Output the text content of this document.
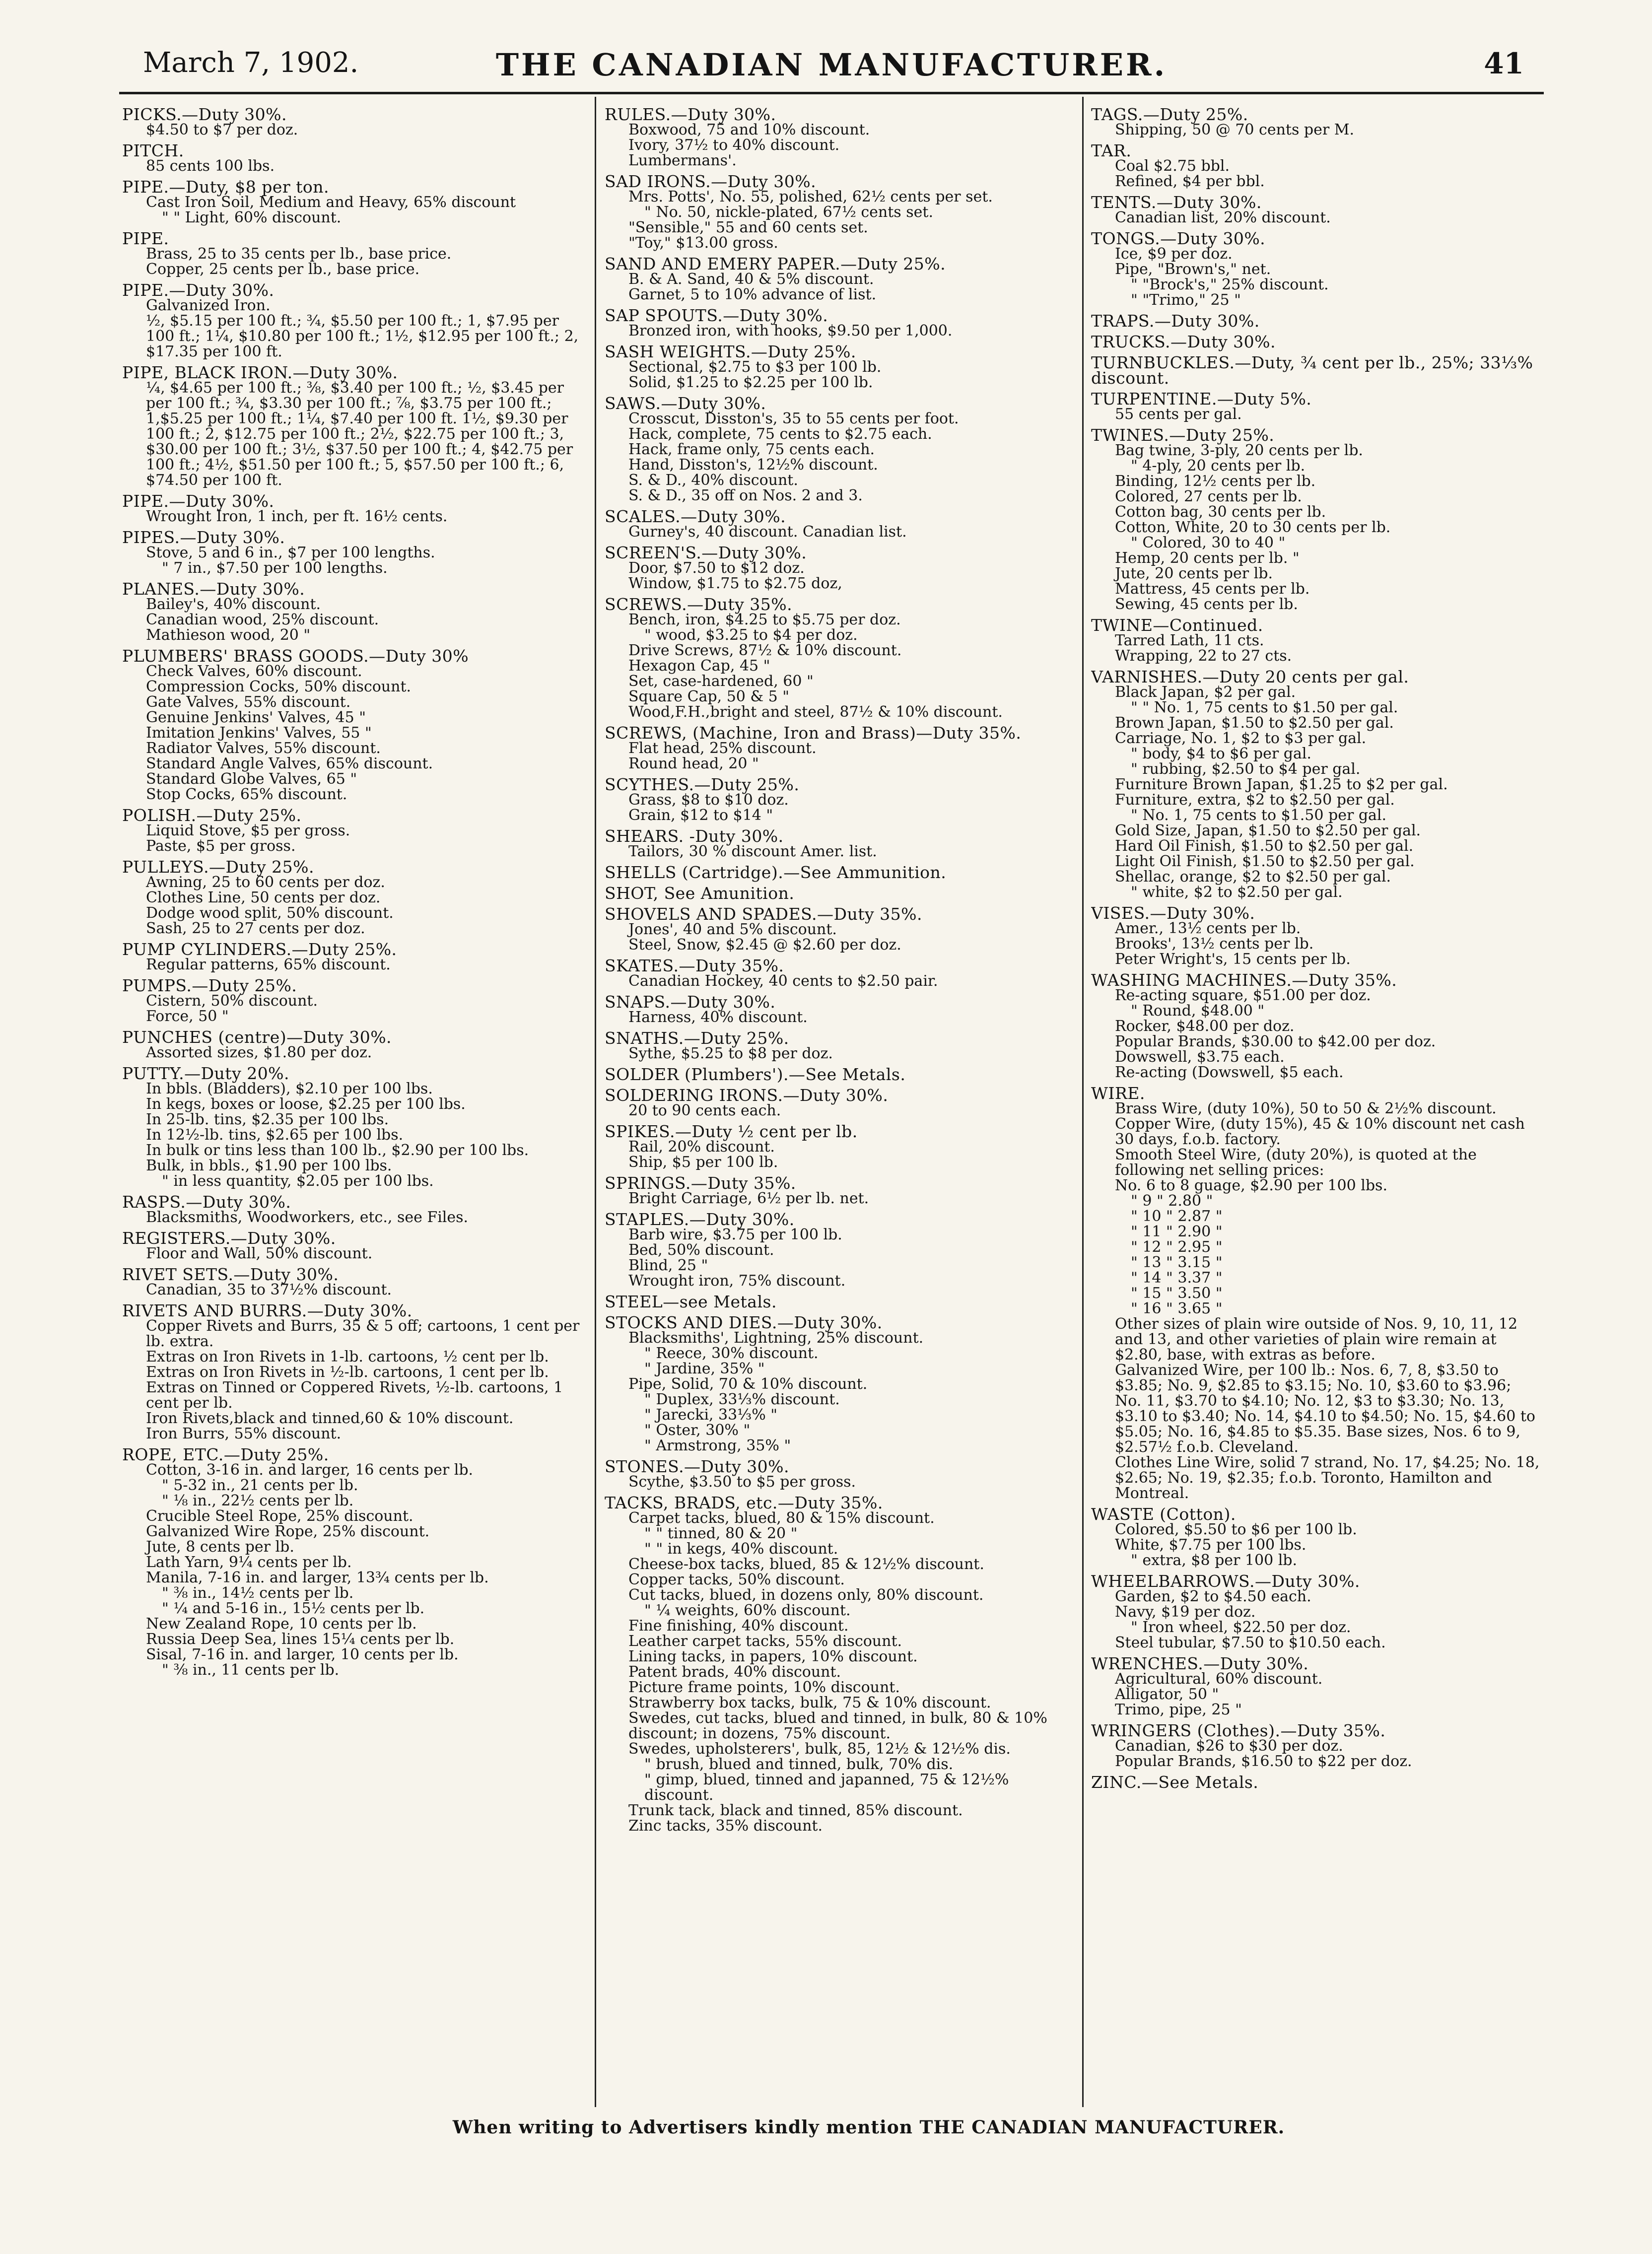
March 7, 1902.	THE CANADIAN MANUFACTURER.	41
PICKS.—Duty 30%.
$4.50 to $7 per doz.
PITCH.
85 cents 100 lbs.
PIPE.—Duty, $8 per ton.
Cast Iron Soil, Medium and Heavy, 65% discount
" " Light, 60% discount.
PIPE.
Brass, 25 to 35 cents per lb., base price.
Copper, 25 cents per lb., base price.
PIPE.—Duty 30%.
Galvanized Iron.
½, $5.15 per 100 ft.; ¾, $5.50 per 100 ft.; 1, $7.95 per 100 ft.; 1¼, $10.80 per 100 ft.; 1½, $12.95 per 100 ft.; 2, $17.35 per 100 ft.
PIPE, BLACK IRON.—Duty 30%.
¼, $4.65 per 100 ft.; ⅜, $3.40 per 100 ft.; ½, $3.45 per per 100 ft.; ¾, $3.30 per 100 ft.; ⅞, $3.75 per 100 ft.; 1,$5.25 per 100 ft.; 1¼, $7.40 per 100 ft. 1½, $9.30 per 100 ft.; 2, $12.75 per 100 ft.; 2½, $22.75 per 100 ft.; 3, $30.00 per 100 ft.; 3½, $37.50 per 100 ft.; 4, $42.75 per 100 ft.; 4½, $51.50 per 100 ft.; 5, $57.50 per 100 ft.; 6, $74.50 per 100 ft.
PIPE.—Duty 30%.
Wrought Iron, 1 inch, per ft. 16½ cents.
PIPES.—Duty 30%.
Stove, 5 and 6 in., $7 per 100 lengths.
" 7 in., $7.50 per 100 lengths.
PLANES.—Duty 30%.
Bailey's, 40% discount.
Canadian wood, 25% discount.
Mathieson wood, 20 "
PLUMBERS' BRASS GOODS.—Duty 30%
Check Valves, 60% discount.
Compression Cocks, 50% discount.
Gate Valves, 55% discount.
Genuine Jenkins' Valves, 45 "
Imitation Jenkins' Valves, 55 "
Radiator Valves, 55% discount.
Standard Angle Valves, 65% discount.
Standard Globe Valves, 65 "
Stop Cocks, 65% discount.
POLISH.—Duty 25%.
Liquid Stove, $5 per gross.
Paste, $5 per gross.
PULLEYS.—Duty 25%.
Awning, 25 to 60 cents per doz.
Clothes Line, 50 cents per doz.
Dodge wood split, 50% discount.
Sash, 25 to 27 cents per doz.
PUMP CYLINDERS.—Duty 25%.
Regular patterns, 65% discount.
PUMPS.—Duty 25%.
Cistern, 50% discount.
Force, 50 "
PUNCHES (centre)—Duty 30%.
Assorted sizes, $1.80 per doz.
PUTTY.—Duty 20%.
In bbls. (Bladders), $2.10 per 100 lbs.
In kegs, boxes or loose, $2.25 per 100 lbs.
In 25-lb. tins, $2.35 per 100 lbs.
In 12½-lb. tins, $2.65 per 100 lbs.
In bulk or tins less than 100 lb., $2.90 per 100 lbs.
Bulk, in bbls., $1.90 per 100 lbs.
" in less quantity, $2.05 per 100 lbs.
RASPS.—Duty 30%.
Blacksmiths, Woodworkers, etc., see Files.
REGISTERS.—Duty 30%.
Floor and Wall, 50% discount.
RIVET SETS.—Duty 30%.
Canadian, 35 to 37½% discount.
RIVETS AND BURRS.—Duty 30%.
Copper Rivets and Burrs, 35 & 5 off; cartoons, 1 cent per lb. extra.
Extras on Iron Rivets in 1-lb. cartoons, ½ cent per lb.
Extras on Iron Rivets in ½-lb. cartoons, 1 cent per lb.
Extras on Tinned or Coppered Rivets, ½-lb. cartoons, 1 cent per lb.
Iron Rivets,black and tinned,60 & 10% discount.
Iron Burrs, 55% discount.
ROPE, ETC.—Duty 25%.
Cotton, 3-16 in. and larger, 16 cents per lb.
" 5-32 in., 21 cents per lb.
" ⅛ in., 22½ cents per lb.
Crucible Steel Rope, 25% discount.
Galvanized Wire Rope, 25% discount.
Jute, 8 cents per lb.
Lath Yarn, 9¼ cents per lb.
Manila, 7-16 in. and larger, 13¾ cents per lb.
" ⅜ in., 14½ cents per lb.
" ¼ and 5-16 in., 15½ cents per lb.
New Zealand Rope, 10 cents per lb.
Russia Deep Sea, lines 15¼ cents per lb.
Sisal, 7-16 in. and larger, 10 cents per lb.
" ⅜ in., 11 cents per lb.
RULES.—Duty 30%.
Boxwood, 75 and 10% discount.
Ivory, 37½ to 40% discount.
Lumbermans'.
SAD IRONS.—Duty 30%.
Mrs. Potts', No. 55, polished, 62½ cents per set.
" No. 50, nickle-plated, 67½ cents set.
"Sensible," 55 and 60 cents set.
"Toy," $13.00 gross.
SAND AND EMERY PAPER.—Duty 25%.
B. & A. Sand, 40 & 5% discount.
Garnet, 5 to 10% advance of list.
SAP SPOUTS.—Duty 30%.
Bronzed iron, with hooks, $9.50 per 1,000.
SASH WEIGHTS.—Duty 25%.
Sectional, $2.75 to $3 per 100 lb.
Solid, $1.25 to $2.25 per 100 lb.
SAWS.—Duty 30%.
Crosscut, Disston's, 35 to 55 cents per foot.
Hack, complete, 75 cents to $2.75 each.
Hack, frame only, 75 cents each.
Hand, Disston's, 12½% discount.
S. & D., 40% discount.
S. & D., 35 off on Nos. 2 and 3.
SCALES.—Duty 30%.
Gurney's, 40 discount. Canadian list.
SCREEN'S.—Duty 30%.
Door, $7.50 to $12 doz.
Window, $1.75 to $2.75 doz,
SCREWS.—Duty 35%.
Bench, iron, $4.25 to $5.75 per doz.
" wood, $3.25 to $4 per doz.
Drive Screws, 87½ & 10% discount.
Hexagon Cap, 45 "
Set, case-hardened, 60 "
Square Cap, 50 & 5 "
Wood,F.H.,bright and steel, 87½ & 10% discount.
SCREWS, (Machine, Iron and Brass)—Duty 35%.
Flat head, 25% discount.
Round head, 20 "
SCYTHES.—Duty 25%.
Grass, $8 to $10 doz.
Grain, $12 to $14 "
SHEARS. -Duty 30%.
Tailors, 30 % discount Amer. list.
SHELLS (Cartridge).—See Ammunition.
SHOT, See Amunition.
SHOVELS AND SPADES.—Duty 35%.
Jones', 40 and 5% discount.
Steel, Snow, $2.45 @ $2.60 per doz.
SKATES.—Duty 35%.
Canadian Hockey, 40 cents to $2.50 pair.
SNAPS.—Duty 30%.
Harness, 40% discount.
SNATHS.—Duty 25%.
Sythe, $5.25 to $8 per doz.
SOLDER (Plumbers').—See Metals.
SOLDERING IRONS.—Duty 30%.
20 to 90 cents each.
SPIKES.—Duty ½ cent per lb.
Rail, 20% discount.
Ship, $5 per 100 lb.
SPRINGS.—Duty 35%.
Bright Carriage, 6½ per lb. net.
STAPLES.—Duty 30%.
Barb wire, $3.75 per 100 lb.
Bed, 50% discount.
Blind, 25 "
Wrought iron, 75% discount.
STEEL—see Metals.
STOCKS AND DIES.—Duty 30%.
Blacksmiths', Lightning, 25% discount.
" Reece, 30% discount.
" Jardine, 35% "
Pipe, Solid, 70 & 10% discount.
" Duplex, 33⅓% discount.
" Jarecki, 33⅓% "
" Oster, 30% "
" Armstrong, 35% "
STONES.—Duty 30%.
Scythe, $3.50 to $5 per gross.
TACKS, BRADS, etc.—Duty 35%.
Carpet tacks, blued, 80 & 15% discount.
" " tinned, 80 & 20 "
" " in kegs, 40% discount.
Cheese-box tacks, blued, 85 & 12½% discount.
Copper tacks, 50% discount.
Cut tacks, blued, in dozens only, 80% discount.
" ¼ weights, 60% discount.
Fine finishing, 40% discount.
Leather carpet tacks, 55% discount.
Lining tacks, in papers, 10% discount.
Patent brads, 40% discount.
Picture frame points, 10% discount.
Strawberry box tacks, bulk, 75 & 10% discount.
Swedes, cut tacks, blued and tinned, in bulk, 80 & 10% discount; in dozens, 75% discount.
Swedes, upholsterers', bulk, 85, 12½ & 12½% dis.
" brush, blued and tinned, bulk, 70% dis.
" gimp, blued, tinned and japanned, 75 & 12½% discount.
Trunk tack, black and tinned, 85% discount.
Zinc tacks, 35% discount.
TAGS.—Duty 25%.
Shipping, 50 @ 70 cents per M.
TAR.
Coal $2.75 bbl.
Refined, $4 per bbl.
TENTS.—Duty 30%.
Canadian list, 20% discount.
TONGS.—Duty 30%.
Ice, $9 per doz.
Pipe, "Brown's," net.
" "Brock's," 25% discount.
" "Trimo," 25 "
TRAPS.—Duty 30%.
TRUCKS.—Duty 30%.
TURNBUCKLES.—Duty, ¾ cent per lb., 25%; 33⅓% discount.
TURPENTINE.—Duty 5%.
55 cents per gal.
TWINES.—Duty 25%.
Bag twine, 3-ply, 20 cents per lb.
" 4-ply, 20 cents per lb.
Binding, 12½ cents per lb.
Colored, 27 cents per lb.
Cotton bag, 30 cents per lb.
Cotton, White, 20 to 30 cents per lb.
" Colored, 30 to 40 "
Hemp, 20 cents per lb. "
Jute, 20 cents per lb.
Mattress, 45 cents per lb.
Sewing, 45 cents per lb.
TWINE—Continued.
Tarred Lath, 11 cts.
Wrapping, 22 to 27 cts.
VARNISHES.—Duty 20 cents per gal.
Black Japan, $2 per gal.
" " No. 1, 75 cents to $1.50 per gal.
Brown Japan, $1.50 to $2.50 per gal.
Carriage, No. 1, $2 to $3 per gal.
" body, $4 to $6 per gal.
" rubbing, $2.50 to $4 per gal.
Furniture Brown Japan, $1.25 to $2 per gal.
Furniture, extra, $2 to $2.50 per gal.
" No. 1, 75 cents to $1.50 per gal.
Gold Size, Japan, $1.50 to $2.50 per gal.
Hard Oil Finish, $1.50 to $2.50 per gal.
Light Oil Finish, $1.50 to $2.50 per gal.
Shellac, orange, $2 to $2.50 per gal.
" white, $2 to $2.50 per gal.
VISES.—Duty 30%.
Amer., 13½ cents per lb.
Brooks', 13½ cents per lb.
Peter Wright's, 15 cents per lb.
WASHING MACHINES.—Duty 35%.
Re-acting square, $51.00 per doz.
" Round, $48.00 "
Rocker, $48.00 per doz.
Popular Brands, $30.00 to $42.00 per doz.
Dowswell, $3.75 each.
Re-acting (Dowswell, $5 each.
WIRE.
Brass Wire, (duty 10%), 50 to 50 & 2½% discount.
Copper Wire, (duty 15%), 45 & 10% discount net cash 30 days, f.o.b. factory.
Smooth Steel Wire, (duty 20%), is quoted at the following net selling prices:
No. 6 to 8 guage, $2.90 per 100 lbs.
" 9 " 2.80 "
" 10 " 2.87 "
" 11 " 2.90 "
" 12 " 2.95 "
" 13 " 3.15 "
" 14 " 3.37 "
" 15 " 3.50 "
" 16 " 3.65 "
Other sizes of plain wire outside of Nos. 9, 10, 11, 12 and 13, and other varieties of plain wire remain at $2.80, base, with extras as before.
Galvanized Wire, per 100 lb.: Nos. 6, 7, 8, $3.50 to $3.85; No. 9, $2.85 to $3.15; No. 10, $3.60 to $3.96; No. 11, $3.70 to $4.10; No. 12, $3 to $3.30; No. 13, $3.10 to $3.40; No. 14, $4.10 to $4.50; No. 15, $4.60 to $5.05; No. 16, $4.85 to $5.35. Base sizes, Nos. 6 to 9, $2.57½ f.o.b. Cleveland.
Clothes Line Wire, solid 7 strand, No. 17, $4.25; No. 18, $2.65; No. 19, $2.35; f.o.b. Toronto, Hamilton and Montreal.
WASTE (Cotton).
Colored, $5.50 to $6 per 100 lb.
White, $7.75 per 100 lbs.
" extra, $8 per 100 lb.
WHEELBARROWS.—Duty 30%.
Garden, $2 to $4.50 each.
Navy, $19 per doz.
" Iron wheel, $22.50 per doz.
Steel tubular, $7.50 to $10.50 each.
WRENCHES.—Duty 30%.
Agricultural, 60% discount.
Alligator, 50 "
Trimo, pipe, 25 "
WRINGERS (Clothes).—Duty 35%.
Canadian, $26 to $30 per doz.
Popular Brands, $16.50 to $22 per doz.
ZINC.—See Metals.
When writing to Advertisers kindly mention THE CANADIAN MANUFACTURER.
